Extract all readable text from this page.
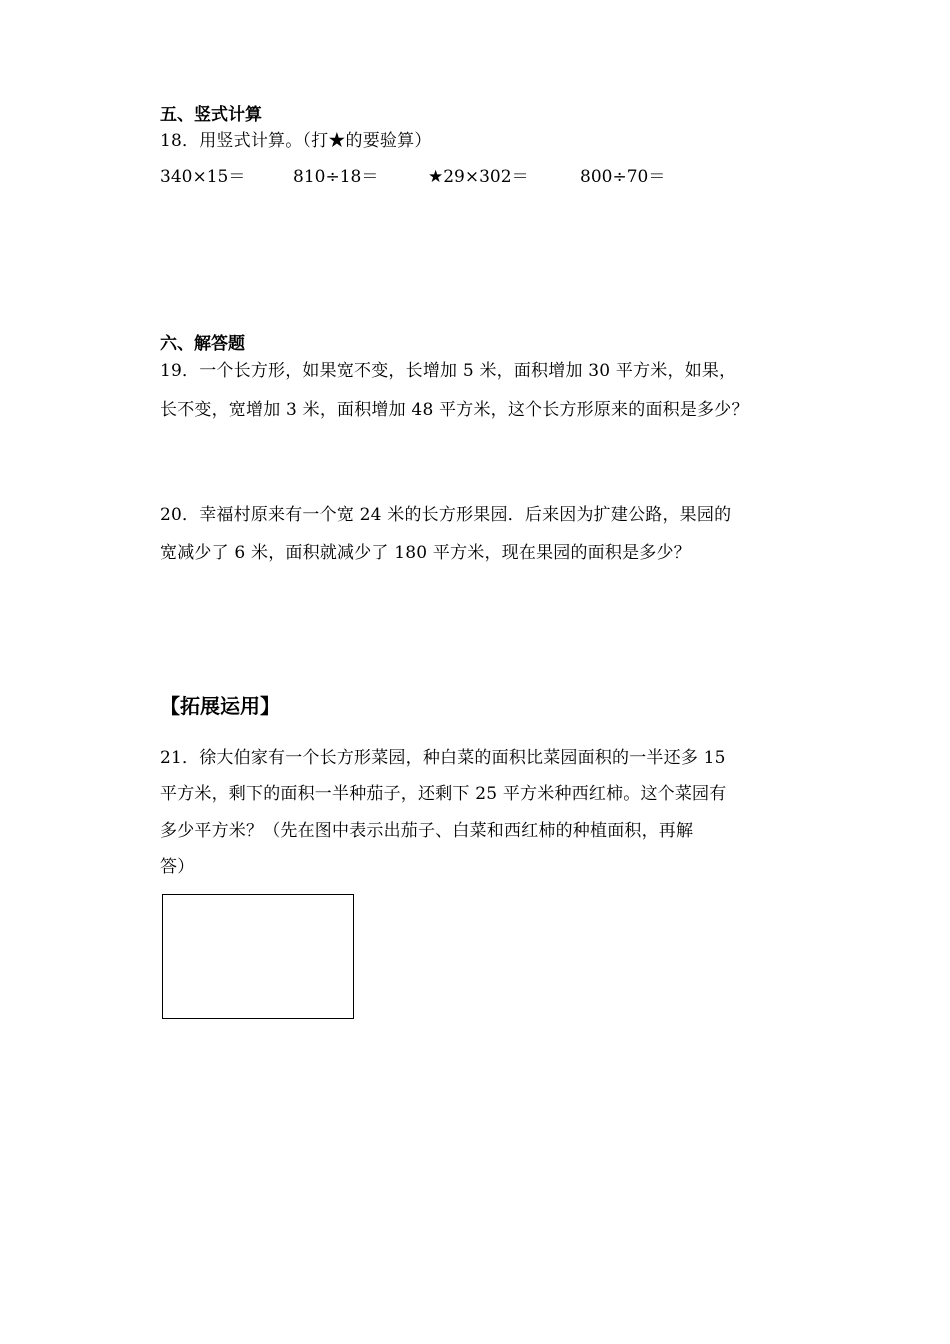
五、竖式计算
18．用竖式计算。（打★的要验算）
340×15＝	810÷18＝	★29×302＝	800÷70＝
六、解答题
19．一个长方形，如果宽不变，长增加 5 米，面积增加 30 平方米，如果，
长不变，宽增加 3 米，面积增加 48 平方米，这个长方形原来的面积是多少？
20．幸福村原来有一个宽 24 米的长方形果园．后来因为扩建公路，果园的
宽减少了 6 米，面积就减少了 180 平方米，现在果园的面积是多少？
【拓展运用】
21．徐大伯家有一个长方形菜园，种白菜的面积比菜园面积的一半还多 15
平方米，剩下的面积一半种茄子，还剩下 25 平方米种西红柿。这个菜园有
多少平方米？（先在图中表示出茄子、白菜和西红柿的种植面积，再解
答）
